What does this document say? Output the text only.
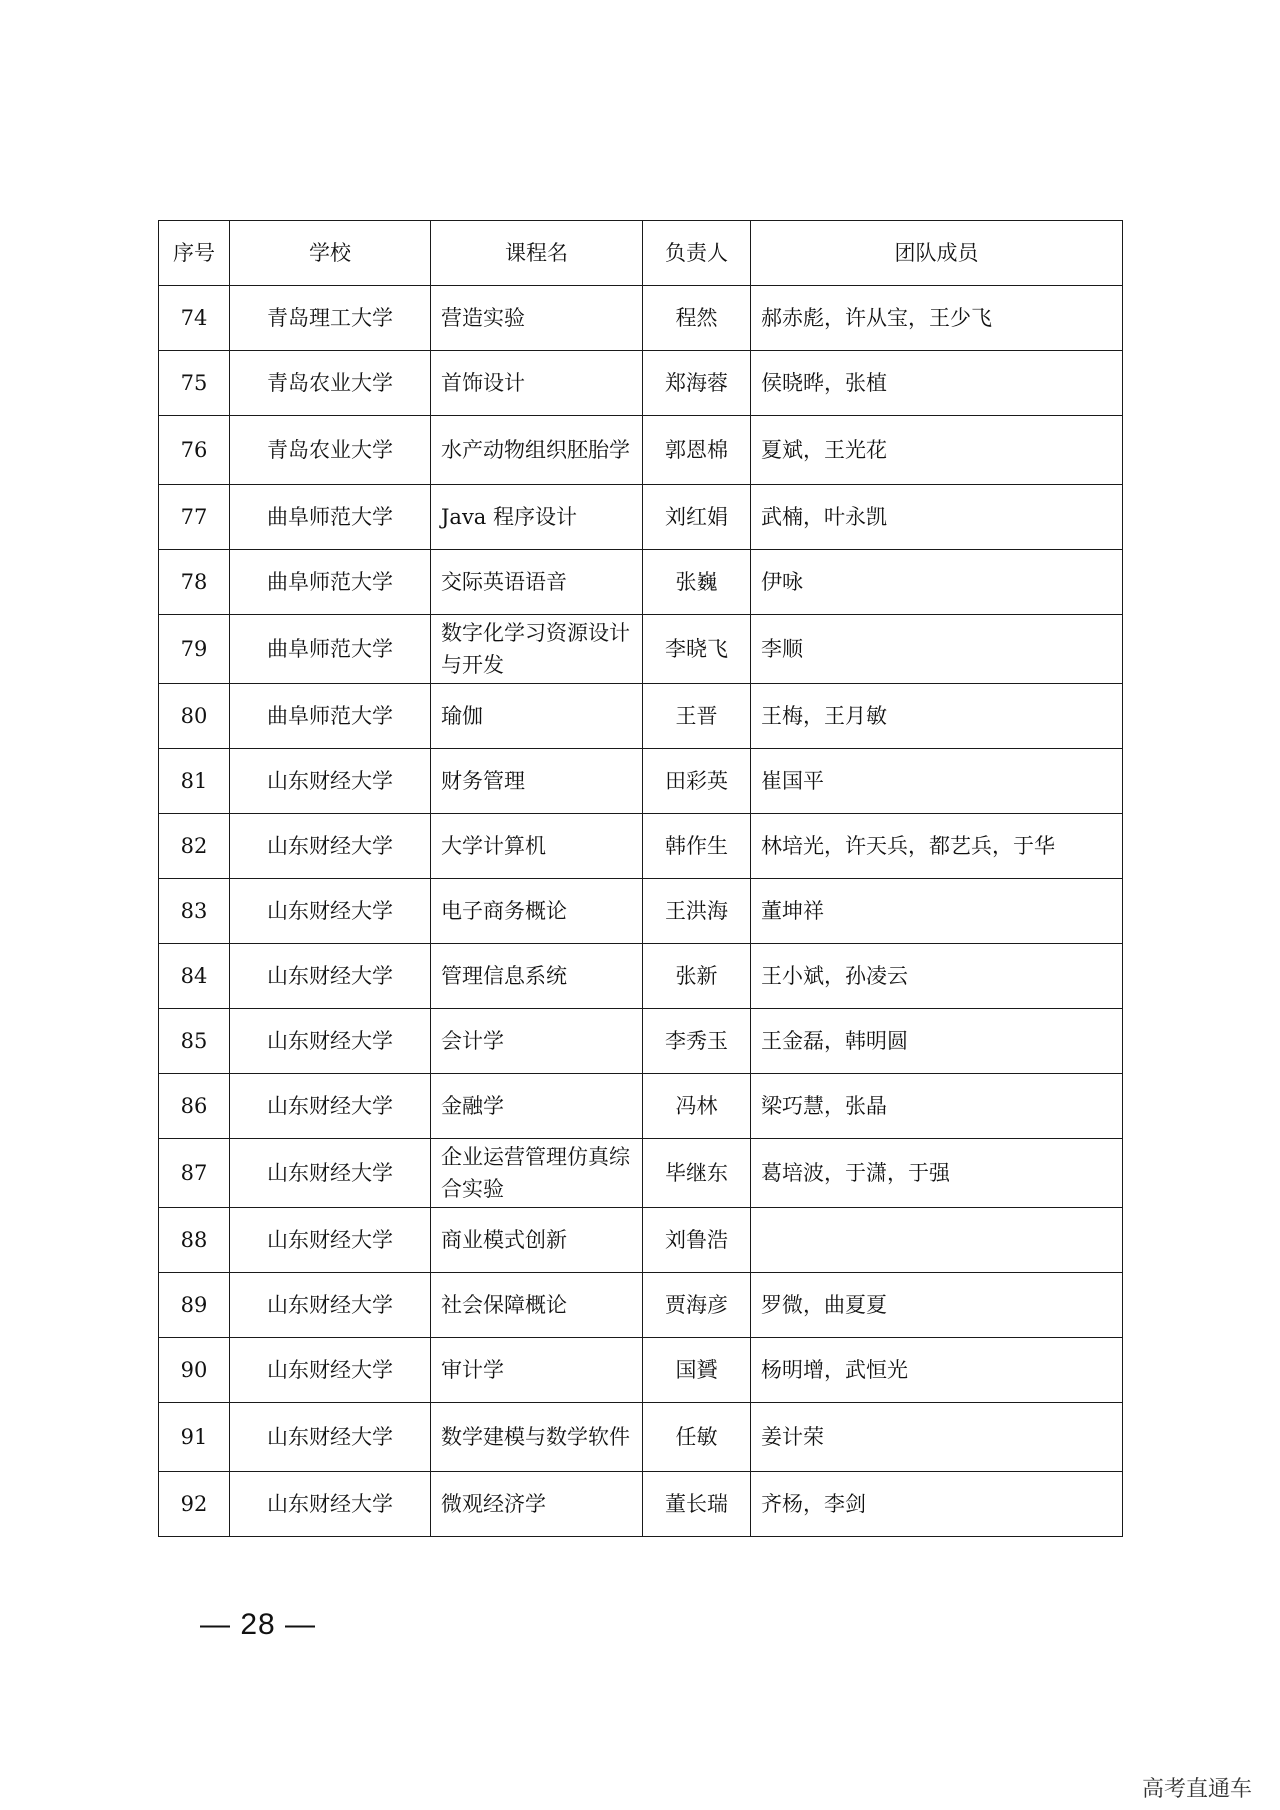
序号	学校	课程名	负责人	团队成员
74	青岛理工大学	营造实验	程然	郝赤彪，许从宝，王少飞
75	青岛农业大学	首饰设计	郑海蓉	侯晓晔，张植
76	青岛农业大学	水产动物组织胚胎学	郭恩棉	夏斌，王光花
77	曲阜师范大学	Java 程序设计	刘红娟	武楠，叶永凯
78	曲阜师范大学	交际英语语音	张巍	伊咏
79	曲阜师范大学	数字化学习资源设计与开发	李晓飞	李顺
80	曲阜师范大学	瑜伽	王晋	王梅，王月敏
81	山东财经大学	财务管理	田彩英	崔国平
82	山东财经大学	大学计算机	韩作生	林培光，许天兵，都艺兵，于华
83	山东财经大学	电子商务概论	王洪海	董坤祥
84	山东财经大学	管理信息系统	张新	王小斌，孙凌云
85	山东财经大学	会计学	李秀玉	王金磊，韩明圆
86	山东财经大学	金融学	冯林	梁巧慧，张晶
87	山东财经大学	企业运营管理仿真综合实验	毕继东	葛培波，于潇，于强
88	山东财经大学	商业模式创新	刘鲁浩	
89	山东财经大学	社会保障概论	贾海彦	罗微，曲夏夏
90	山东财经大学	审计学	国贇	杨明增，武恒光
91	山东财经大学	数学建模与数学软件	任敏	姜计荣
92	山东财经大学	微观经济学	董长瑞	齐杨，李剑
— 28 —
高考直通车
